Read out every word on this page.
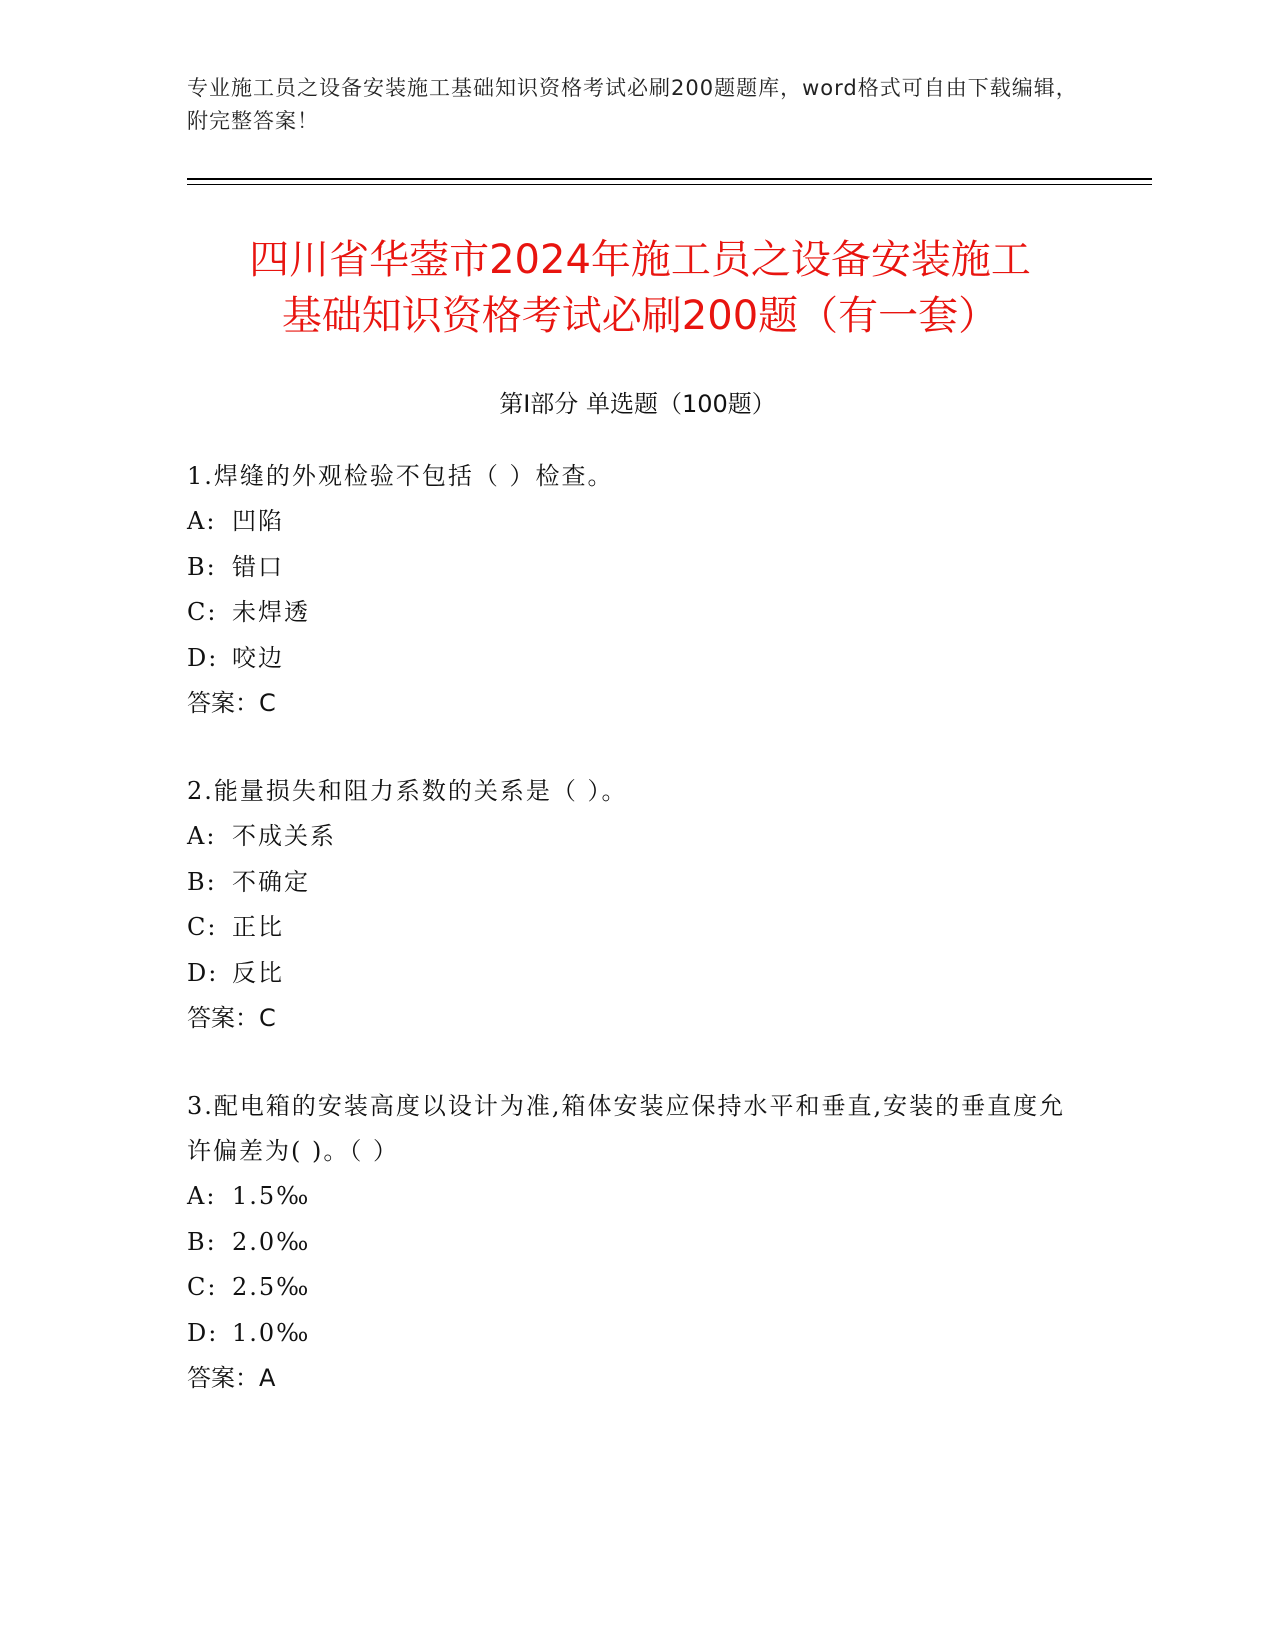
专业施工员之设备安装施工基础知识资格考试必刷200题题库，word格式可自由下载编辑，附完整答案！
四川省华蓥市2024年施工员之设备安装施工
基础知识资格考试必刷200题（有一套）
第Ⅰ部分 单选题（100题）
1.焊缝的外观检验不包括（ ）检查。
A: 凹陷
B: 错口
C: 未焊透
D: 咬边
答案：C
2.能量损失和阻力系数的关系是（ ）。
A: 不成关系
B: 不确定
C: 正比
D: 反比
答案：C
3.配电箱的安装高度以设计为准,箱体安装应保持水平和垂直,安装的垂直度允许偏差为( )。（ ）
A: 1.5‰
B: 2.0‰
C: 2.5‰
D: 1.0‰
答案：A
